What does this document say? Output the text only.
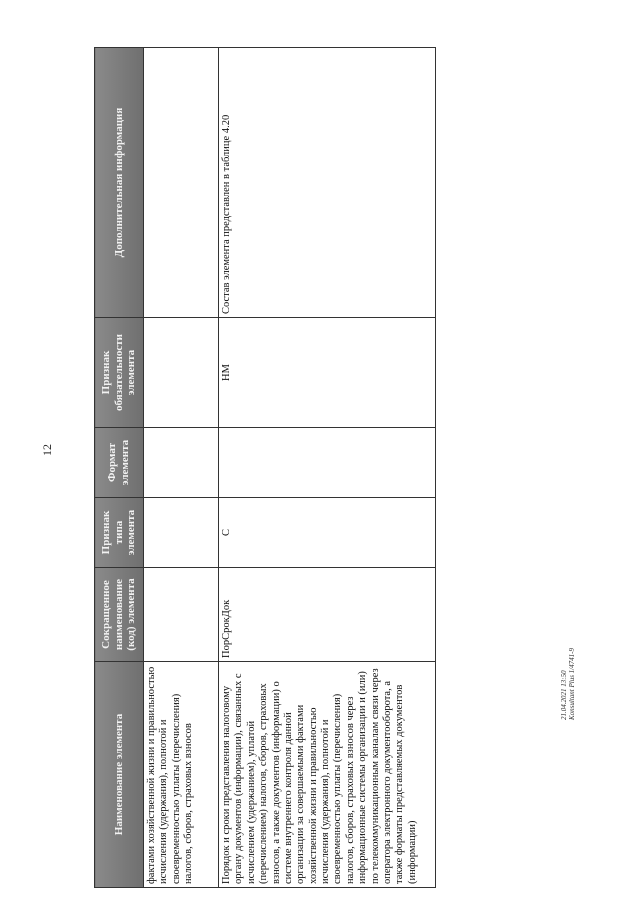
12
Наименование элемента	Сокращенное наименование (код) элемента	Признак типа элемента	Формат элемента	Признак обязательности элемента	Дополнительная информация
фактами хозяйственной жизни и правильностью исчисления (удержания), полнотой и своевременностью уплаты (перечисления) налогов, сборов, страховых взносов					
Порядок и сроки представления налоговому органу документов (информации), связанных с исчислением (удержанием), уплатой (перечислением) налогов, сборов, страховых взносов, а также документов (информации) о системе внутреннего контроля данной организации за совершаемыми фактами хозяйственной жизни и правильностью исчисления (удержания), полнотой и своевременностью уплаты (перечисления) налогов, сборов, страховых взносов через информационные системы организации и (или) по телекоммуникационным каналам связи через оператора электронного документооборота, а также форматы представляемых документов (информации)	ПорСрокДок	С		НМ	Состав элемента представлен в таблице 4.20
21.04.2021 13:50 Konsultant Plus 1/4741-9
